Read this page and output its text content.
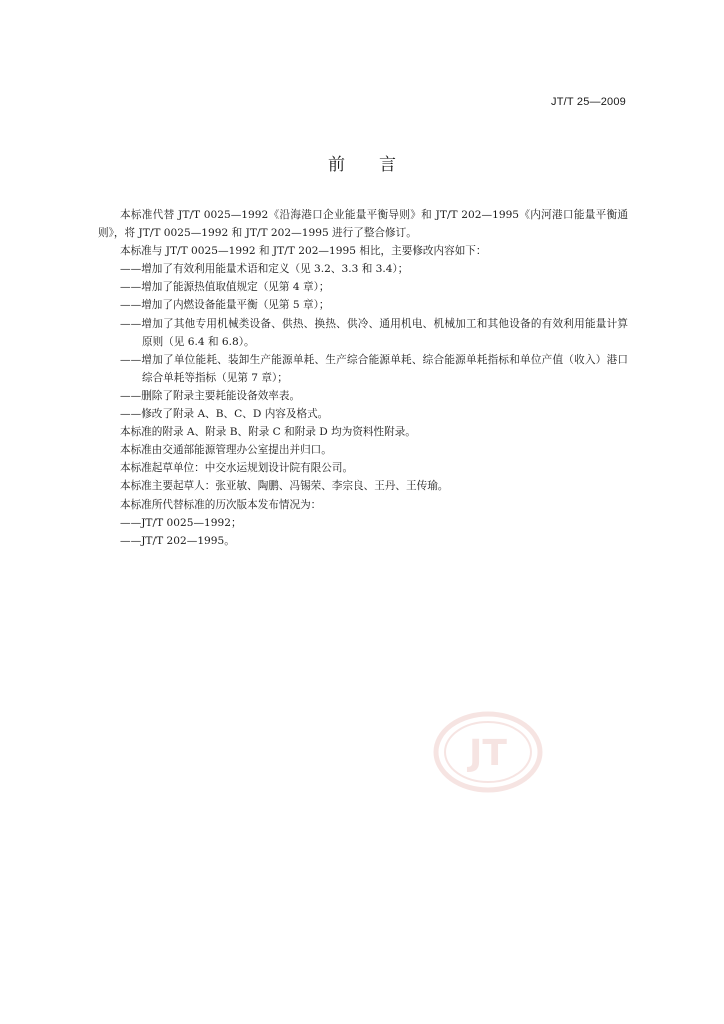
JT/T 25—2009
前言

本标准代替 JT/T 0025—1992《沿海港口企业能量平衡导则》和 JT/T 202—1995《内河港口能量平衡通则》，将 JT/T 0025—1992 和 JT/T 202—1995 进行了整合修订。

本标准与 JT/T 0025—1992 和 JT/T 202—1995 相比，主要修改内容如下：

——增加了有效利用能量术语和定义（见 3.2、3.3 和 3.4）；

——增加了能源热值取值规定（见第 4 章）；

——增加了内燃设备能量平衡（见第 5 章）；

——增加了其他专用机械类设备、供热、换热、供冷、通用机电、机械加工和其他设备的有效利用能量计算原则（见 6.4 和 6.8）。

——增加了单位能耗、装卸生产能源单耗、生产综合能源单耗、综合能源单耗指标和单位产值（收入）港口综合单耗等指标（见第 7 章）；

——删除了附录主要耗能设备效率表。

——修改了附录 A、B、C、D 内容及格式。

本标准的附录 A、附录 B、附录 C 和附录 D 均为资料性附录。

本标准由交通部能源管理办公室提出并归口。

本标准起草单位：中交水运规划设计院有限公司。

本标准主要起草人：张亚敏、陶鹏、冯锡荣、李宗良、王丹、王传瑜。

本标准所代替标准的历次版本发布情况为：

——JT/T 0025—1992；

——JT/T 202—1995。

JT
